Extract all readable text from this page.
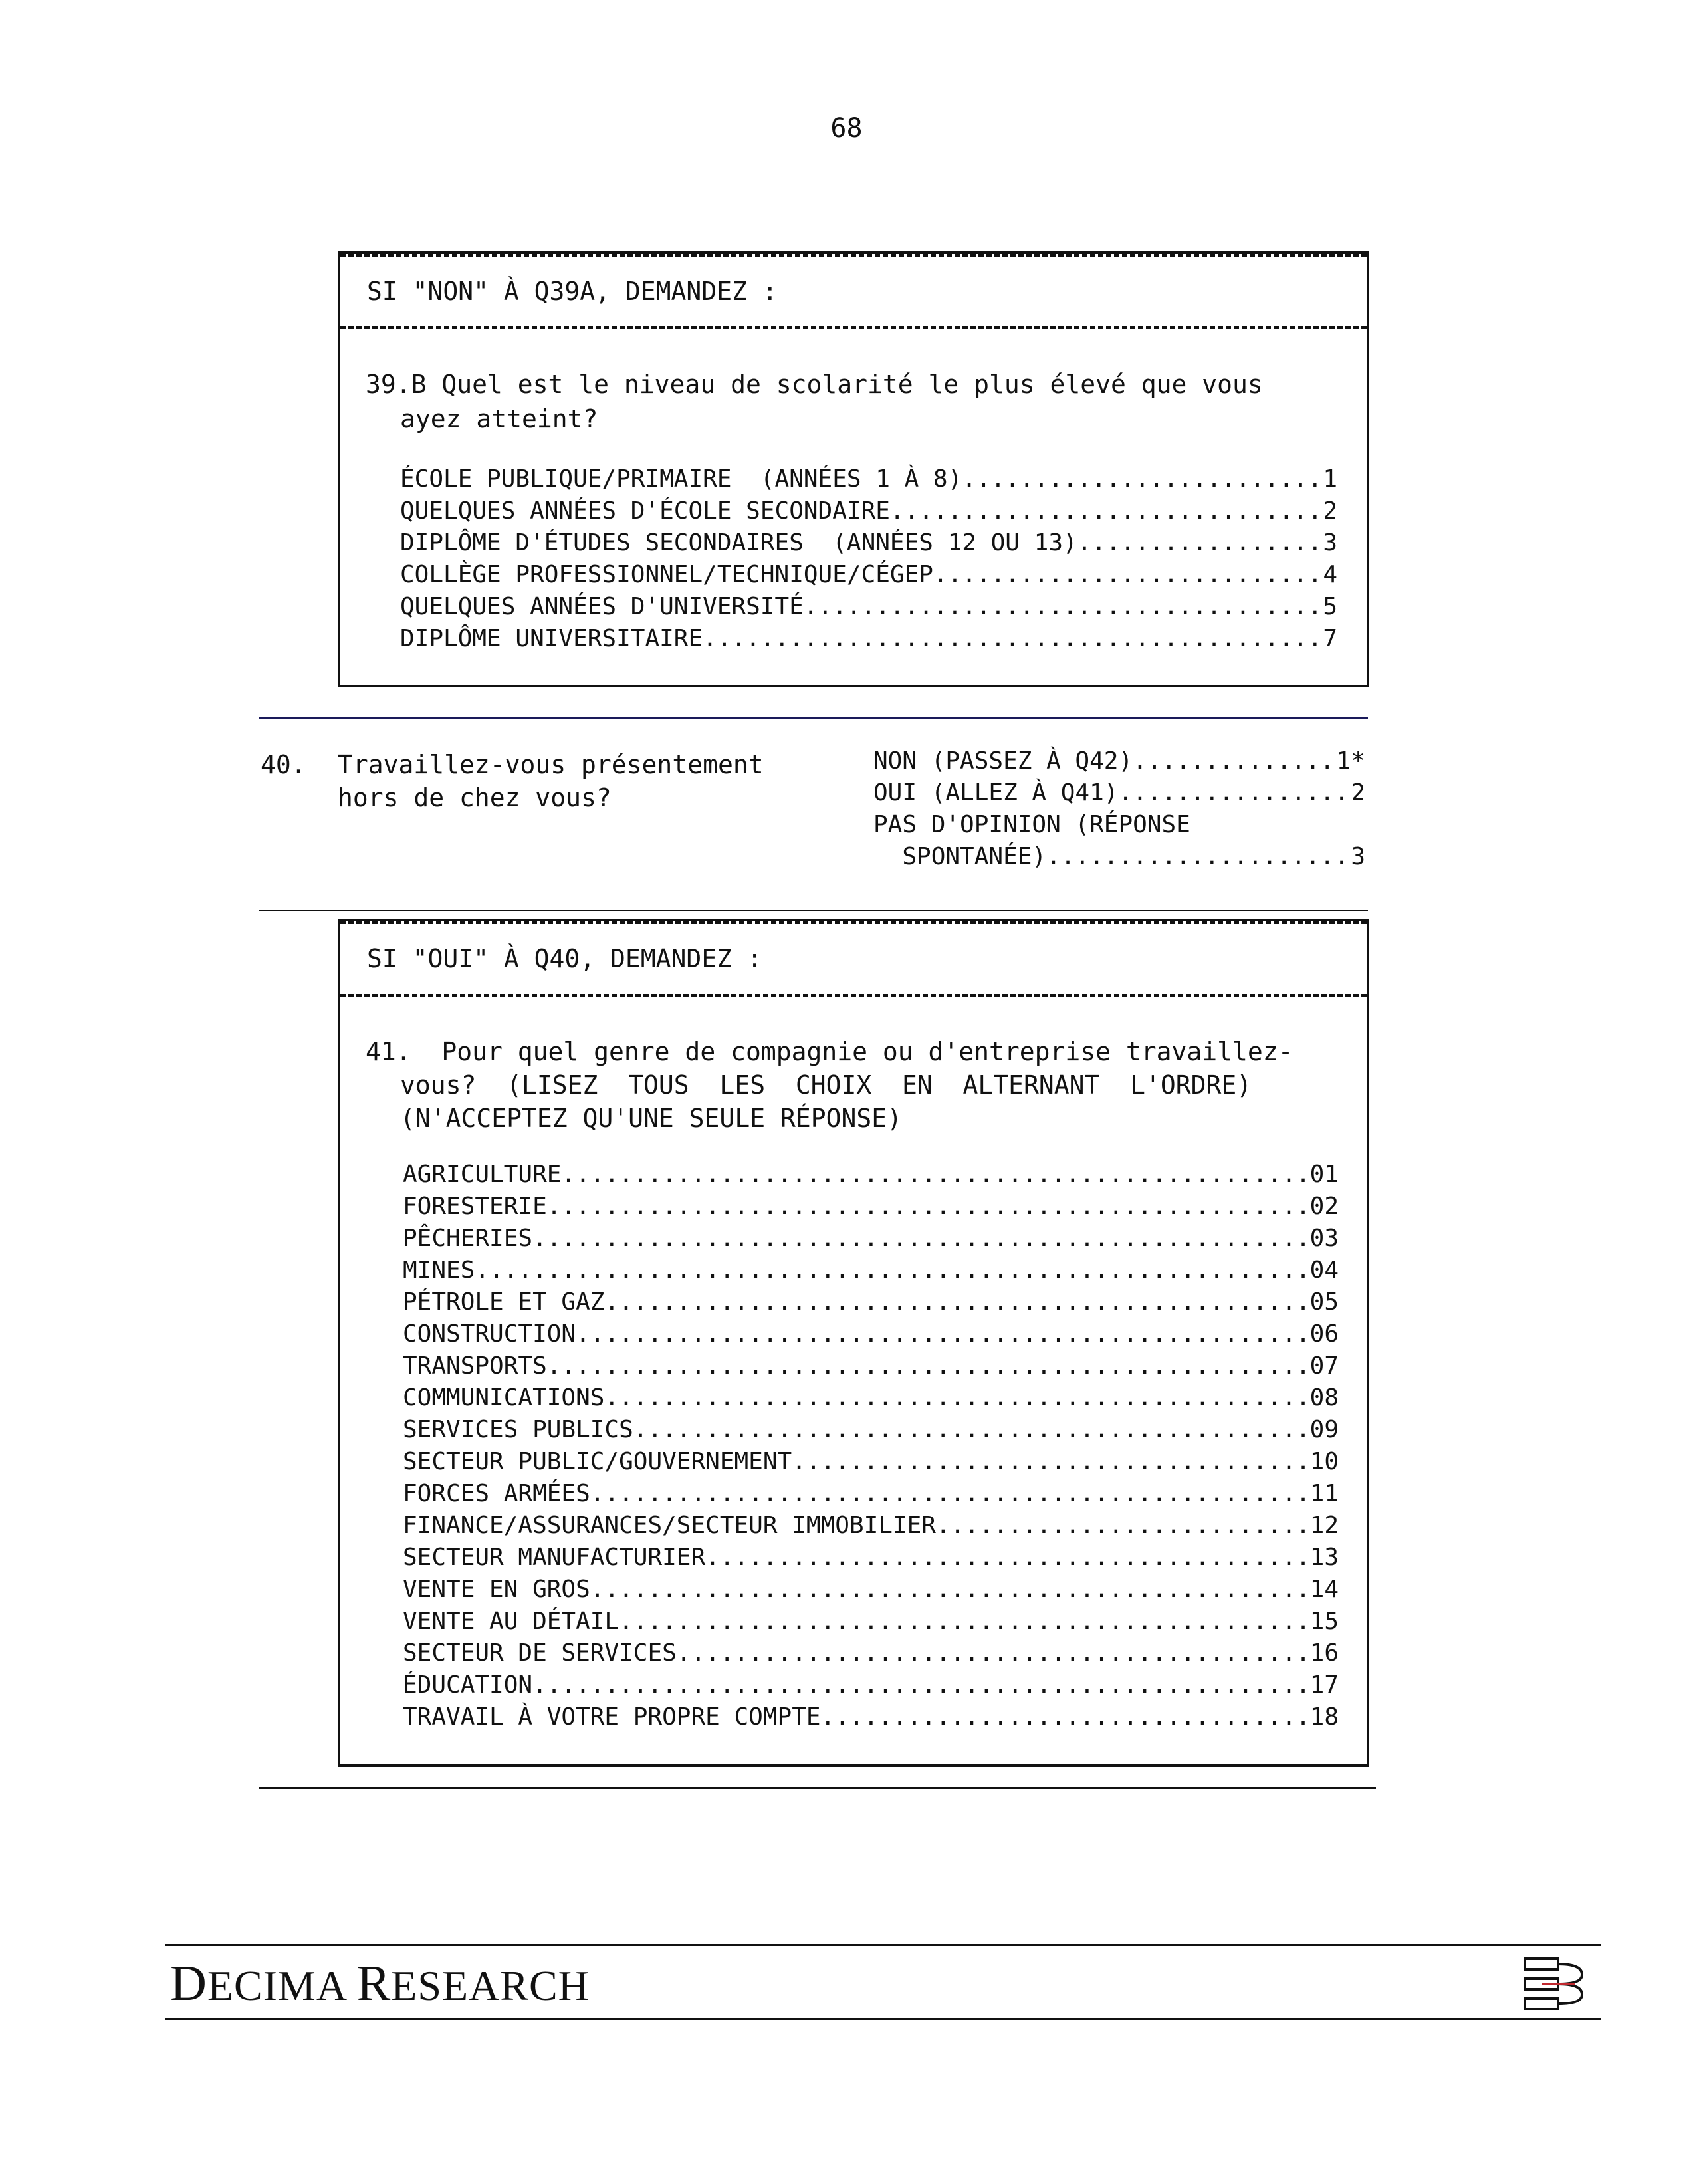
68
SI "NON" À Q39A, DEMANDEZ :
39.B Quel est le niveau de scolarité le plus élevé que vous
ayez atteint?
ÉCOLE PUBLIQUE/PRIMAIRE  (ANNÉES 1 À 8) .....	1
QUELQUES ANNÉES D'ÉCOLE SECONDAIRE .....	2
DIPLÔME D'ÉTUDES SECONDAIRES  (ANNÉES 12 OU 13) .....	3
COLLÈGE PROFESSIONNEL/TECHNIQUE/CÉGEP .....	4
QUELQUES ANNÉES D'UNIVERSITÉ .....	5
DIPLÔME UNIVERSITAIRE .....	7
40. Travaillez-vous présentement
hors de chez vous?
NON (PASSEZ À Q42) .....	1*
OUI (ALLEZ À Q41) .....	2
PAS D'OPINION (RÉPONSE
SPONTANÉE) .....	3
SI "OUI" À Q40, DEMANDEZ :
41.  Pour quel genre de compagnie ou d'entreprise travaillez-
vous?  (LISEZ  TOUS  LES  CHOIX  EN  ALTERNANT  L'ORDRE)
(N'ACCEPTEZ QU'UNE SEULE RÉPONSE)
AGRICULTURE .....	01
FORESTERIE .....	02
PÊCHERIES .....	03
MINES .....	04
PÉTROLE ET GAZ .....	05
CONSTRUCTION .....	06
TRANSPORTS .....	07
COMMUNICATIONS .....	08
SERVICES PUBLICS .....	09
SECTEUR PUBLIC/GOUVERNEMENT .....	10
FORCES ARMÉES .....	11
FINANCE/ASSURANCES/SECTEUR IMMOBILIER .....	12
SECTEUR MANUFACTURIER .....	13
VENTE EN GROS .....	14
VENTE AU DÉTAIL .....	15
SECTEUR DE SERVICES .....	16
ÉDUCATION .....	17
TRAVAIL À VOTRE PROPRE COMPTE .....	18
DECIMA RESEARCH
